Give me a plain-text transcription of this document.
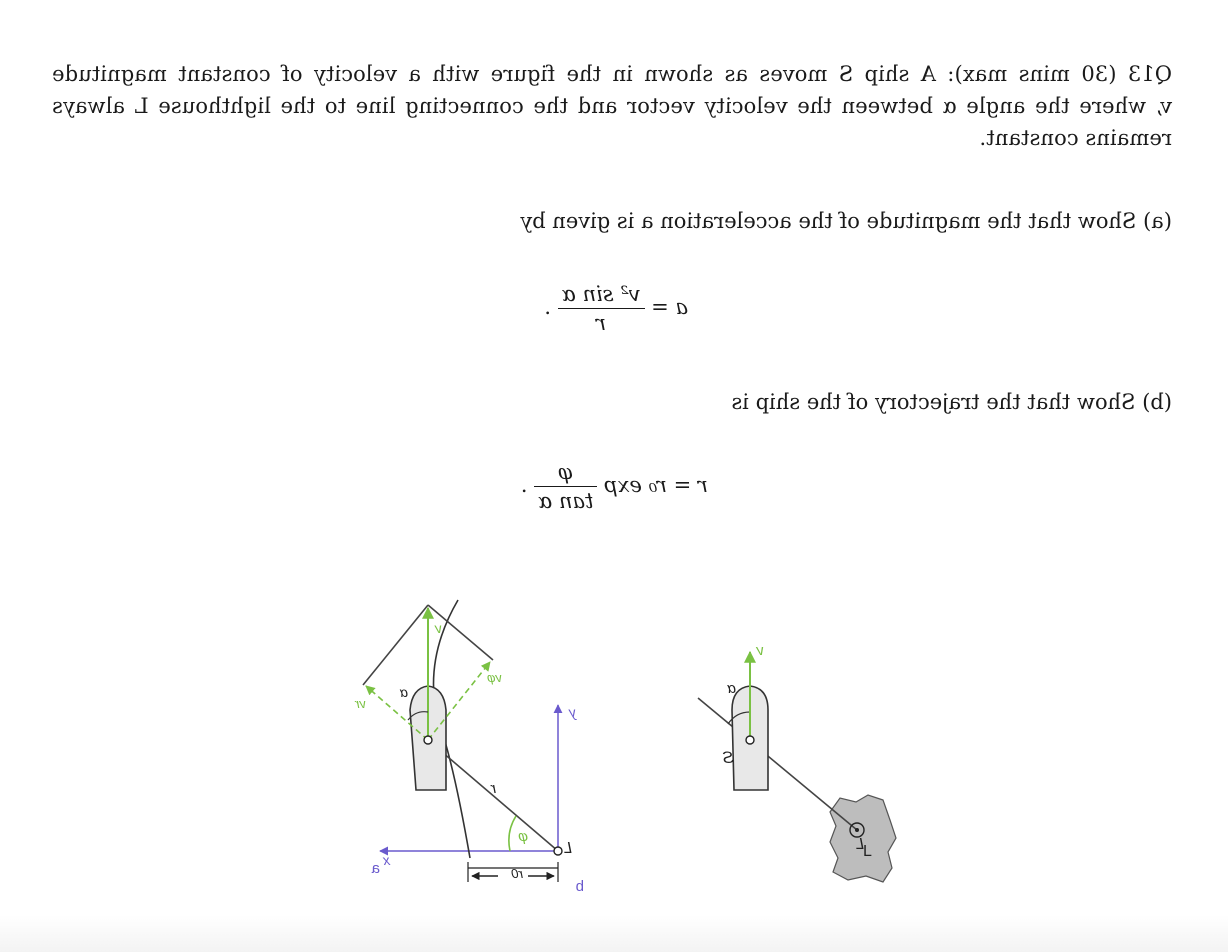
Q13 (30 mins max): A ship S moves as shown in the figure with a velocity of constant magnitude
v, where the angle α between the velocity vector and the connecting line to the lighthouse L always
remains constant.
(a) Show that the magnitude of the acceleration a is given by
a =
$\frac{\text{v² sin α}}{r}$
.
(b) Show that the trajectory of the ship is
r = r₀ exp
$\frac{\varphi}{\text{tan α}}$
.
L
a
S
v
α
L
b
L
x
y
r
φ
r0
v
vr
vφ
α
